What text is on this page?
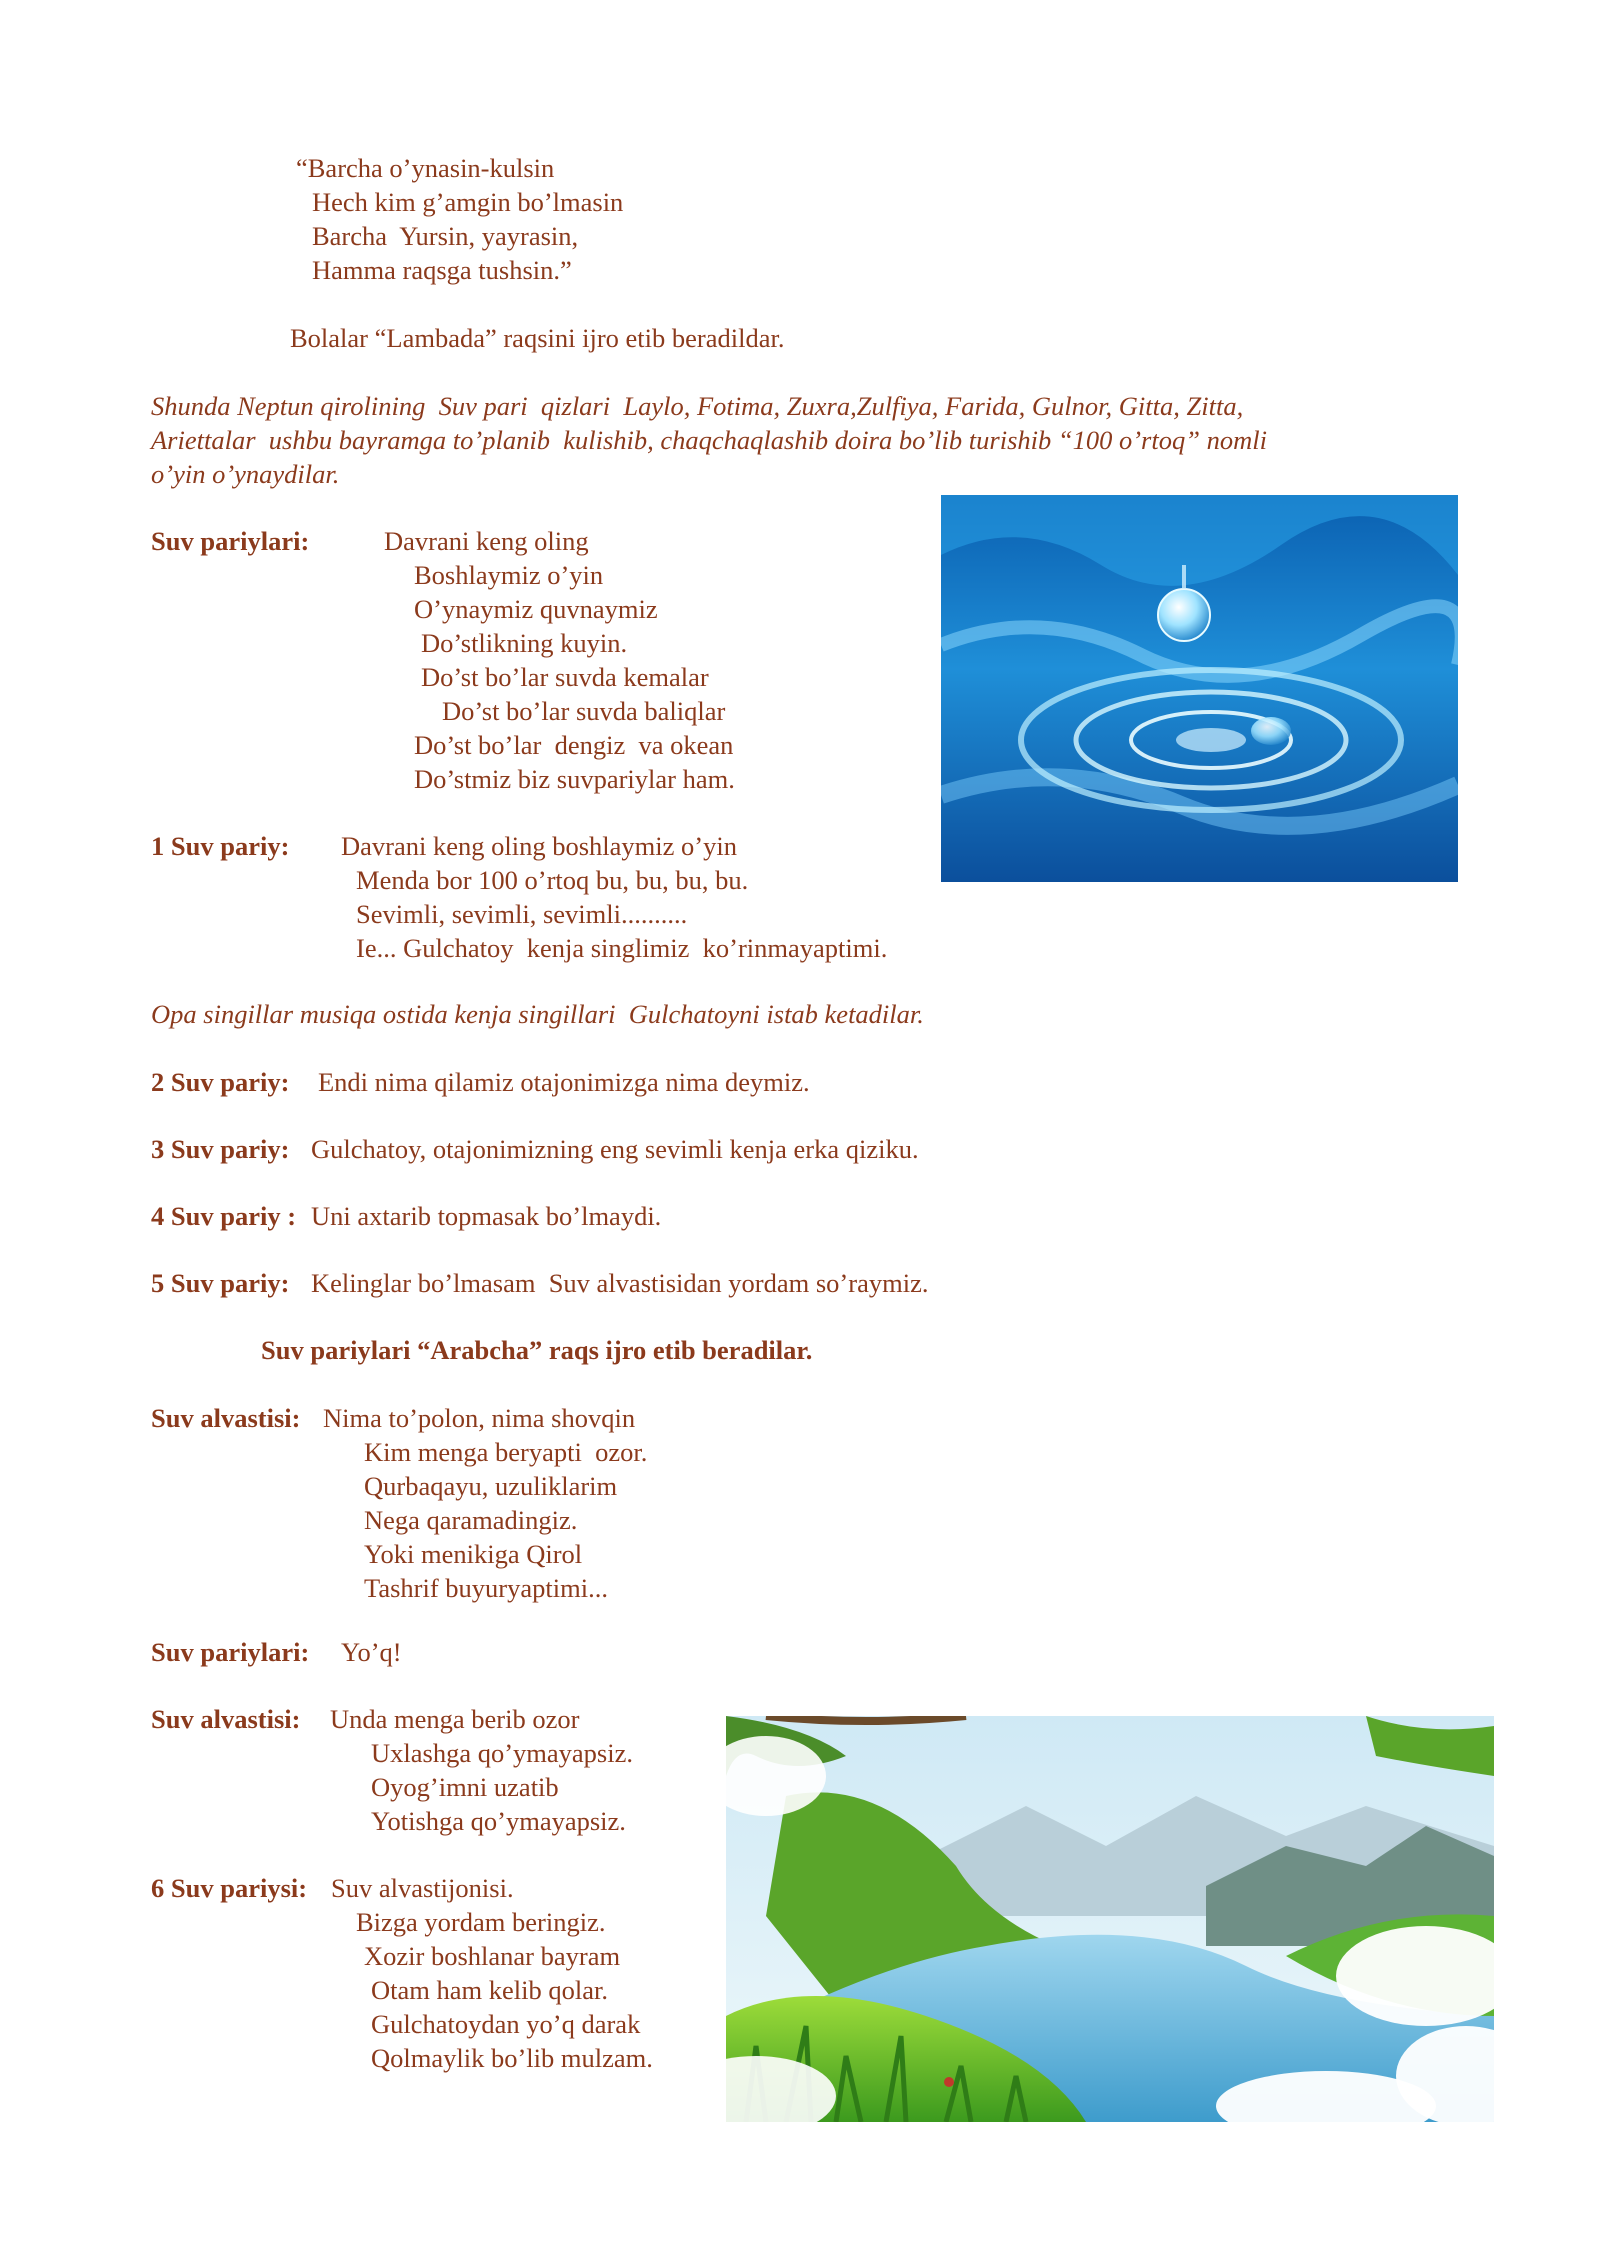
“Barcha o’ynasin-kulsin
Hech kim g’amgin bo’lmasin
Barcha  Yursin, yayrasin,
Hamma raqsga tushsin.”
Bolalar “Lambada” raqsini ijro etib beradildar.
Shunda Neptun qirolining  Suv pari  qizlari  Laylo, Fotima, Zuxra,Zulfiya, Farida, Gulnor, Gitta, Zitta,
Ariettalar  ushbu bayramga to’planib  kulishib, chaqchaqlashib doira bo’lib turishib “100 o’rtoq” nomli
o’yin o’ynaydilar.
Suv pariylari:	Davrani keng oling
Boshlaymiz o’yin
O’ynaymiz quvnaymiz
Do’stlikning kuyin.
Do’st bo’lar suvda kemalar
Do’st bo’lar suvda baliqlar
Do’st bo’lar  dengiz  va okean
Do’stmiz biz suvpariylar ham.
1 Suv pariy: Davrani keng oling boshlaymiz o’yin
Menda bor 100 o’rtoq bu, bu, bu, bu.
Sevimli, sevimli, sevimli..........
Ie... Gulchatoy  kenja singlimiz  ko’rinmayaptimi.
Opa singillar musiqa ostida kenja singillari  Gulchatoyni istab ketadilar.
2 Suv pariy: Endi nima qilamiz otajonimizga nima deymiz.
3 Suv pariy: Gulchatoy, otajonimizning eng sevimli kenja erka qiziku.
4 Suv pariy : Uni axtarib topmasak bo’lmaydi.
5 Suv pariy: Kelinglar bo’lmasam  Suv alvastisidan yordam so’raymiz.
Suv pariylari “Arabcha” raqs ijro etib beradilar.
Suv alvastisi: Nima to’polon, nima shovqin
Kim menga beryapti  ozor.
Qurbaqayu, uzuliklarim
Nega qaramadingiz.
Yoki menikiga Qirol
Tashrif buyuryaptimi...
Suv pariylari: Yo’q!
Suv alvastisi: Unda menga berib ozor
Uxlashga qo’ymayapsiz.
Oyog’imni uzatib
Yotishga qo’ymayapsiz.
6 Suv pariysi: Suv alvastijonisi.
Bizga yordam beringiz.
Xozir boshlanar bayram
Otam ham kelib qolar.
Gulchatoydan yo’q darak
Qolmaylik bo’lib mulzam.
